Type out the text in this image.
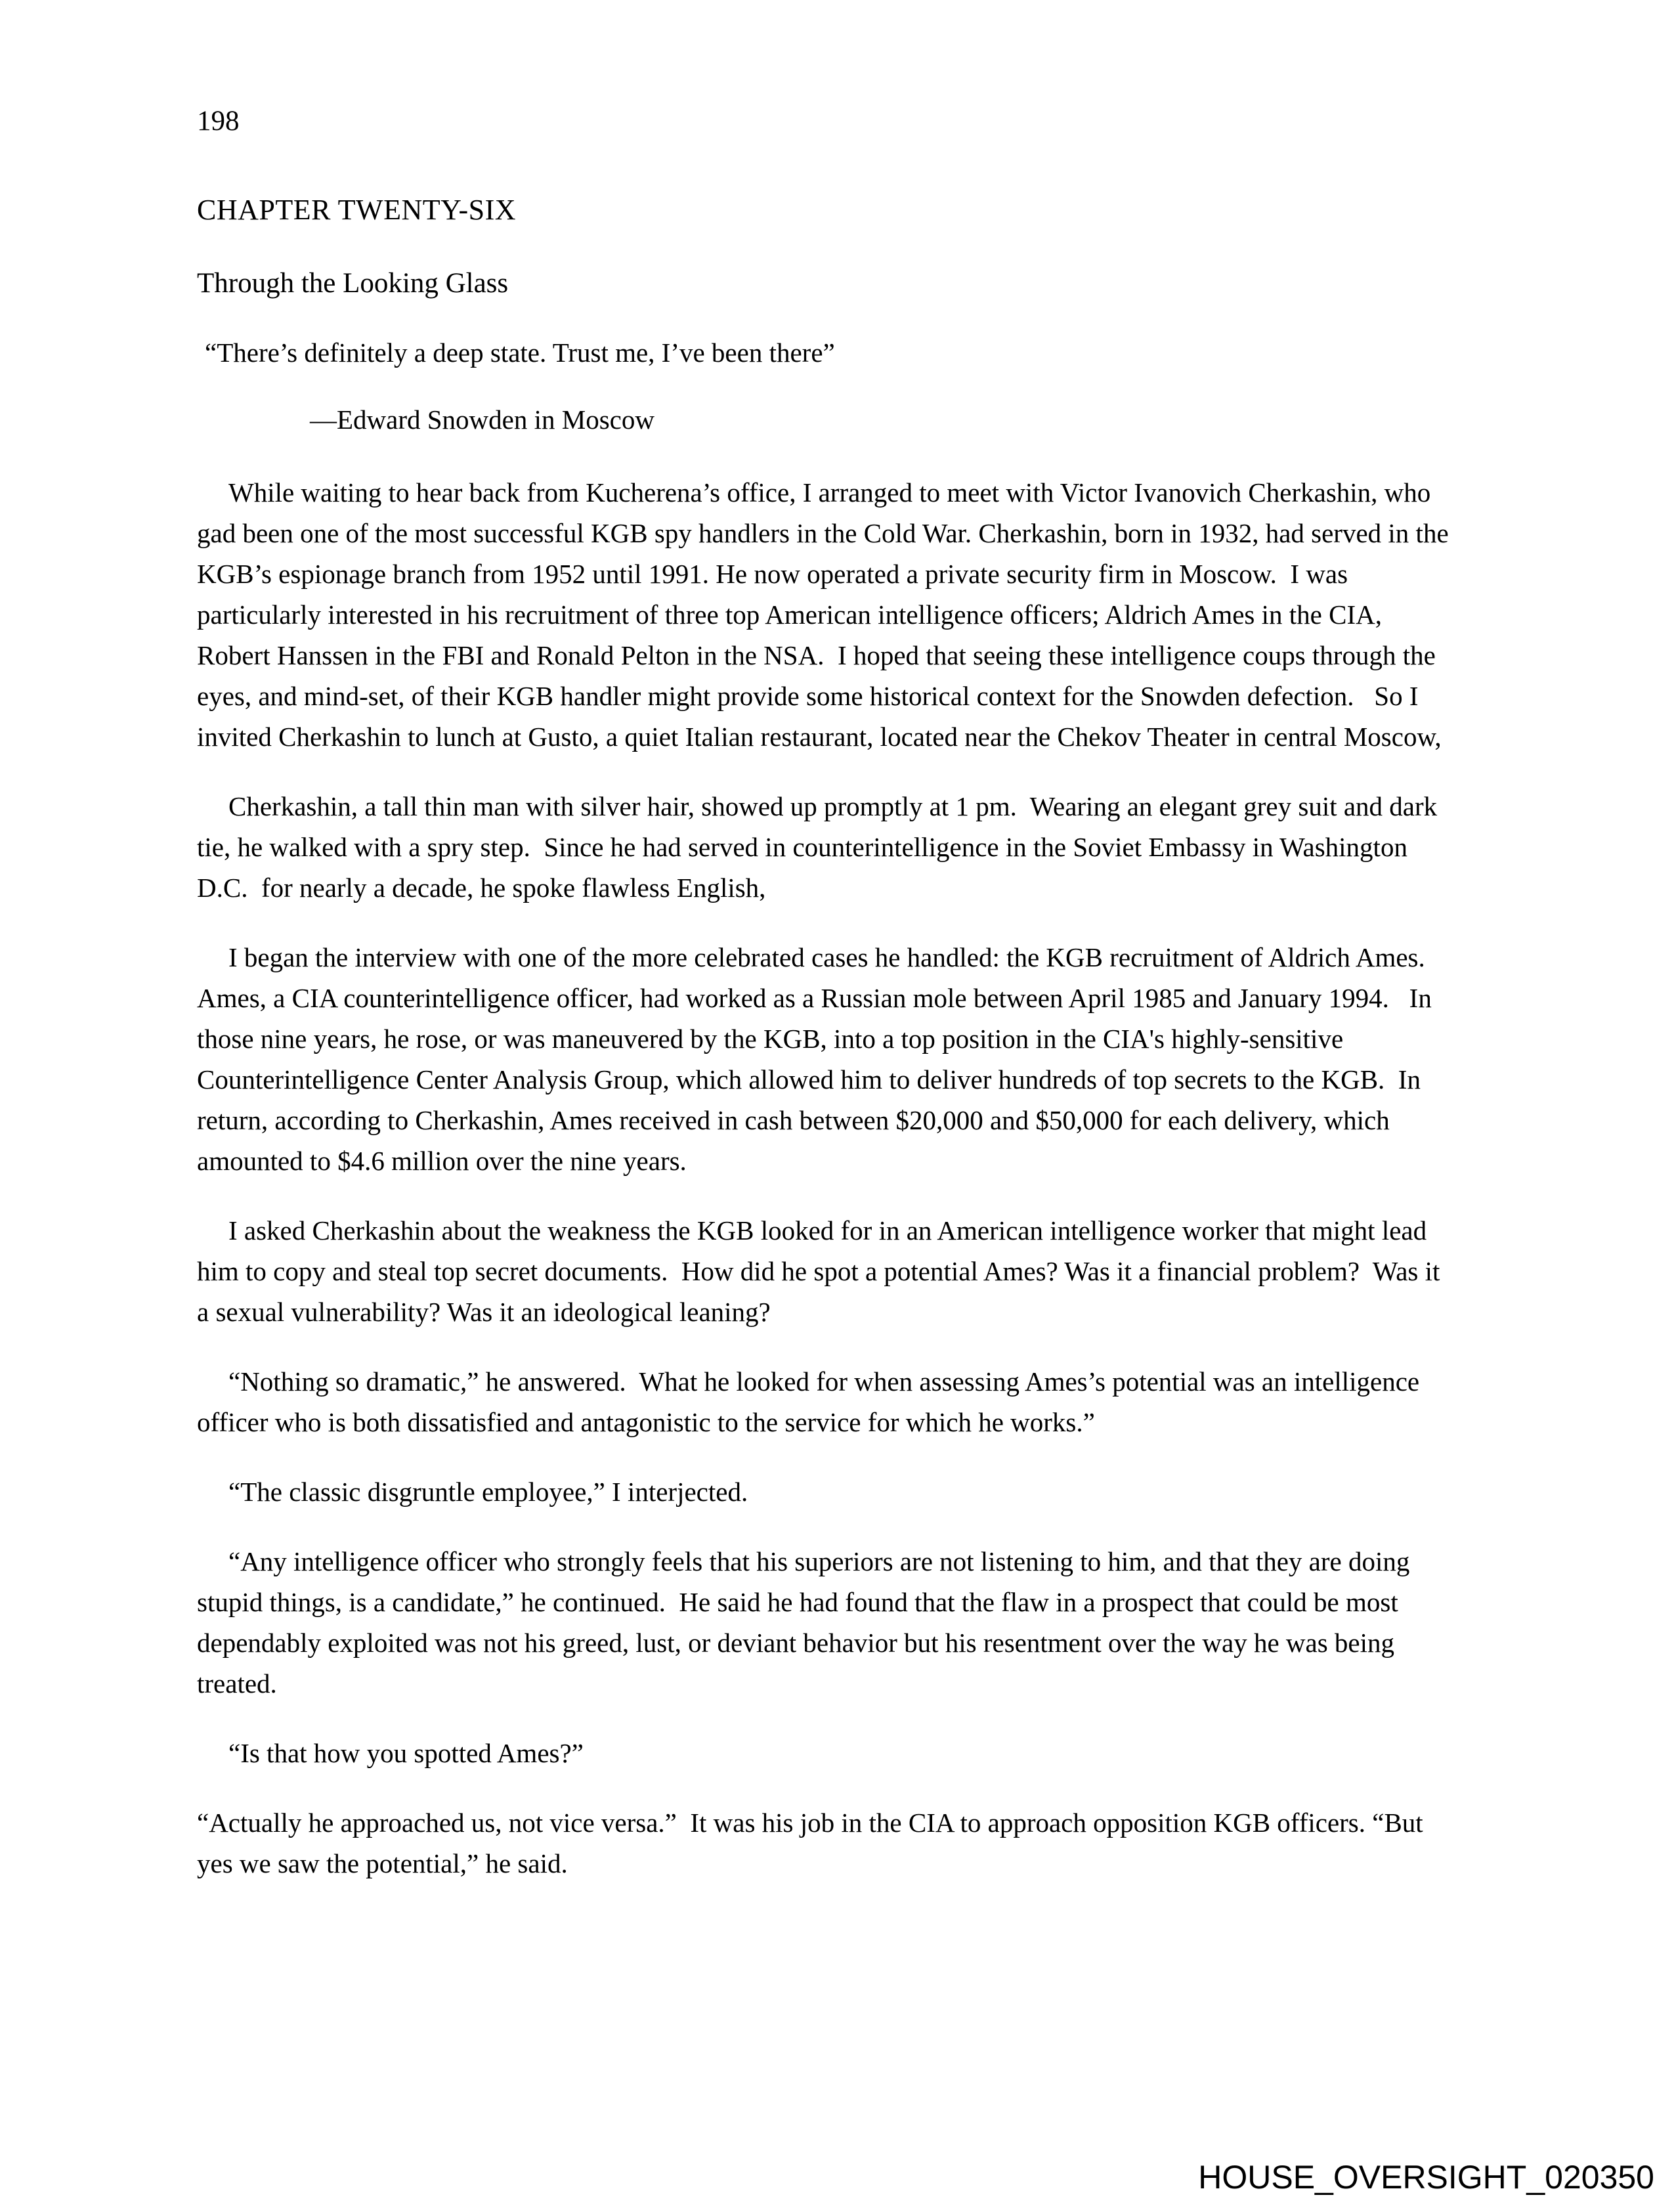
198
CHAPTER TWENTY-SIX
Through the Looking Glass
“There’s definitely a deep state. Trust me, I’ve been there”
—Edward Snowden in Moscow

While waiting to hear back from Kucherena’s office, I arranged to meet with Victor Ivanovich Cherkashin, who gad been one of the most successful KGB spy handlers in the Cold War. Cherkashin, born in 1932, had served in the KGB’s espionage branch from 1952 until 1991. He now operated a private security firm in Moscow.  I was particularly interested in his recruitment of three top American intelligence officers; Aldrich Ames in the CIA, Robert Hanssen in the FBI and Ronald Pelton in the NSA.  I hoped that seeing these intelligence coups through the eyes, and mind-set, of their KGB handler might provide some historical context for the Snowden defection.   So I invited Cherkashin to lunch at Gusto, a quiet Italian restaurant, located near the Chekov Theater in central Moscow,

Cherkashin, a tall thin man with silver hair, showed up promptly at 1 pm.  Wearing an elegant grey suit and dark tie, he walked with a spry step.  Since he had served in counterintelligence in the Soviet Embassy in Washington D.C.  for nearly a decade, he spoke flawless English,

I began the interview with one of the more celebrated cases he handled: the KGB recruitment of Aldrich Ames.  Ames, a CIA counterintelligence officer, had worked as a Russian mole between April 1985 and January 1994.   In those nine years, he rose, or was maneuvered by the KGB, into a top position in the CIA's highly-sensitive Counterintelligence Center Analysis Group, which allowed him to deliver hundreds of top secrets to the KGB.  In return, according to Cherkashin, Ames received in cash between $20,000 and $50,000 for each delivery, which amounted to $4.6 million over the nine years.

I asked Cherkashin about the weakness the KGB looked for in an American intelligence worker that might lead him to copy and steal top secret documents.  How did he spot a potential Ames? Was it a financial problem?  Was it a sexual vulnerability? Was it an ideological leaning?

“Nothing so dramatic,” he answered.  What he looked for when assessing Ames’s potential was an intelligence officer who is both dissatisfied and antagonistic to the service for which he works.”

“The classic disgruntle employee,” I interjected.

“Any intelligence officer who strongly feels that his superiors are not listening to him, and that they are doing stupid things, is a candidate,” he continued.  He said he had found that the flaw in a prospect that could be most dependably exploited was not his greed, lust, or deviant behavior but his resentment over the way he was being treated.

“Is that how you spotted Ames?”

“Actually he approached us, not vice versa.”  It was his job in the CIA to approach opposition KGB officers. “But yes we saw the potential,” he said.

HOUSE_OVERSIGHT_020350
